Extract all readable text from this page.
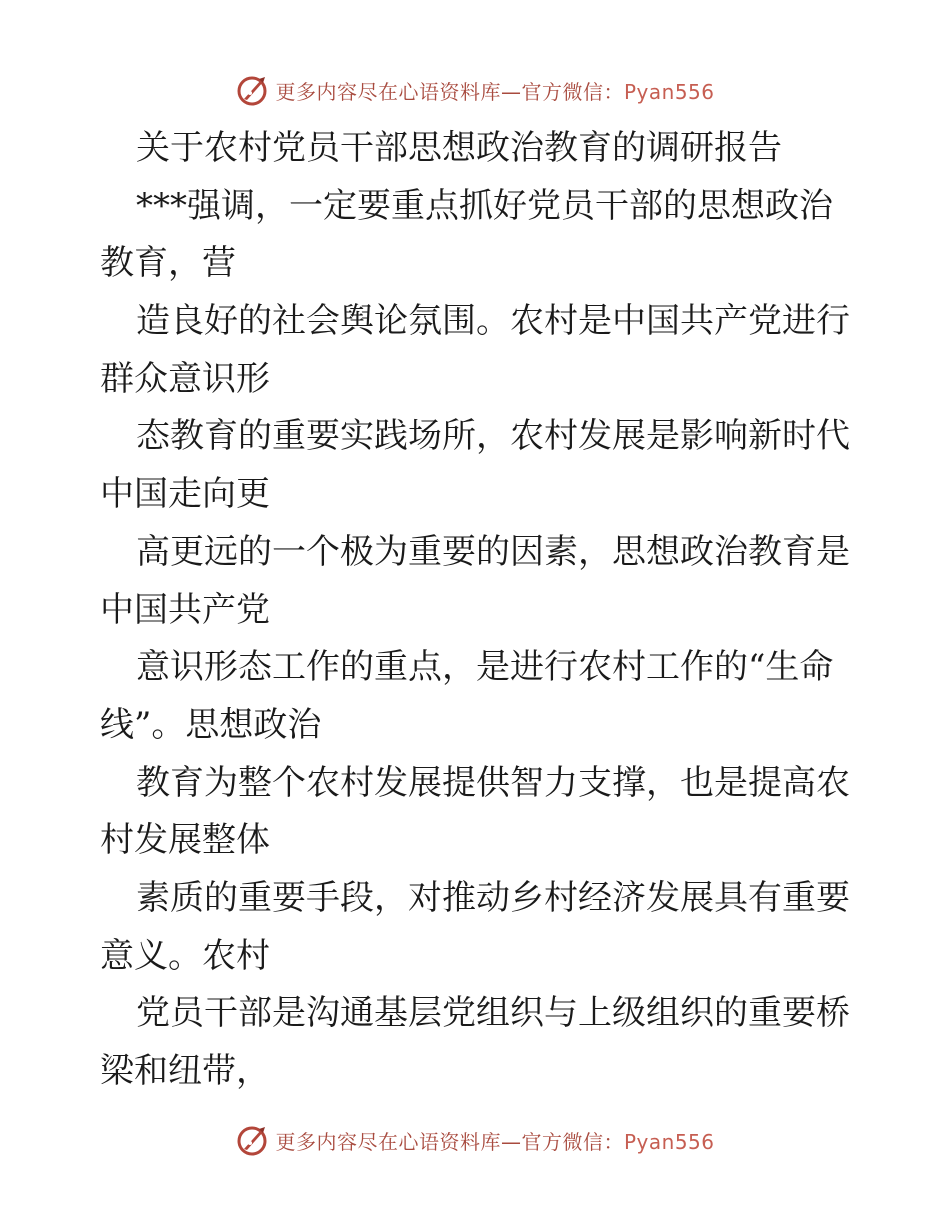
更多内容尽在心语资料库—官方微信：Pyan556
关于农村党员干部思想政治教育的调研报告
***强调，一定要重点抓好党员干部的思想政治
教育，营
造良好的社会舆论氛围。农村是中国共产党进行
群众意识形
态教育的重要实践场所，农村发展是影响新时代
中国走向更
高更远的一个极为重要的因素，思想政治教育是
中国共产党
意识形态工作的重点，是进行农村工作的“生命
线”。思想政治
教育为整个农村发展提供智力支撑，也是提高农
村发展整体
素质的重要手段，对推动乡村经济发展具有重要
意义。农村
党员干部是沟通基层党组织与上级组织的重要桥
梁和纽带，
更多内容尽在心语资料库—官方微信：Pyan556
